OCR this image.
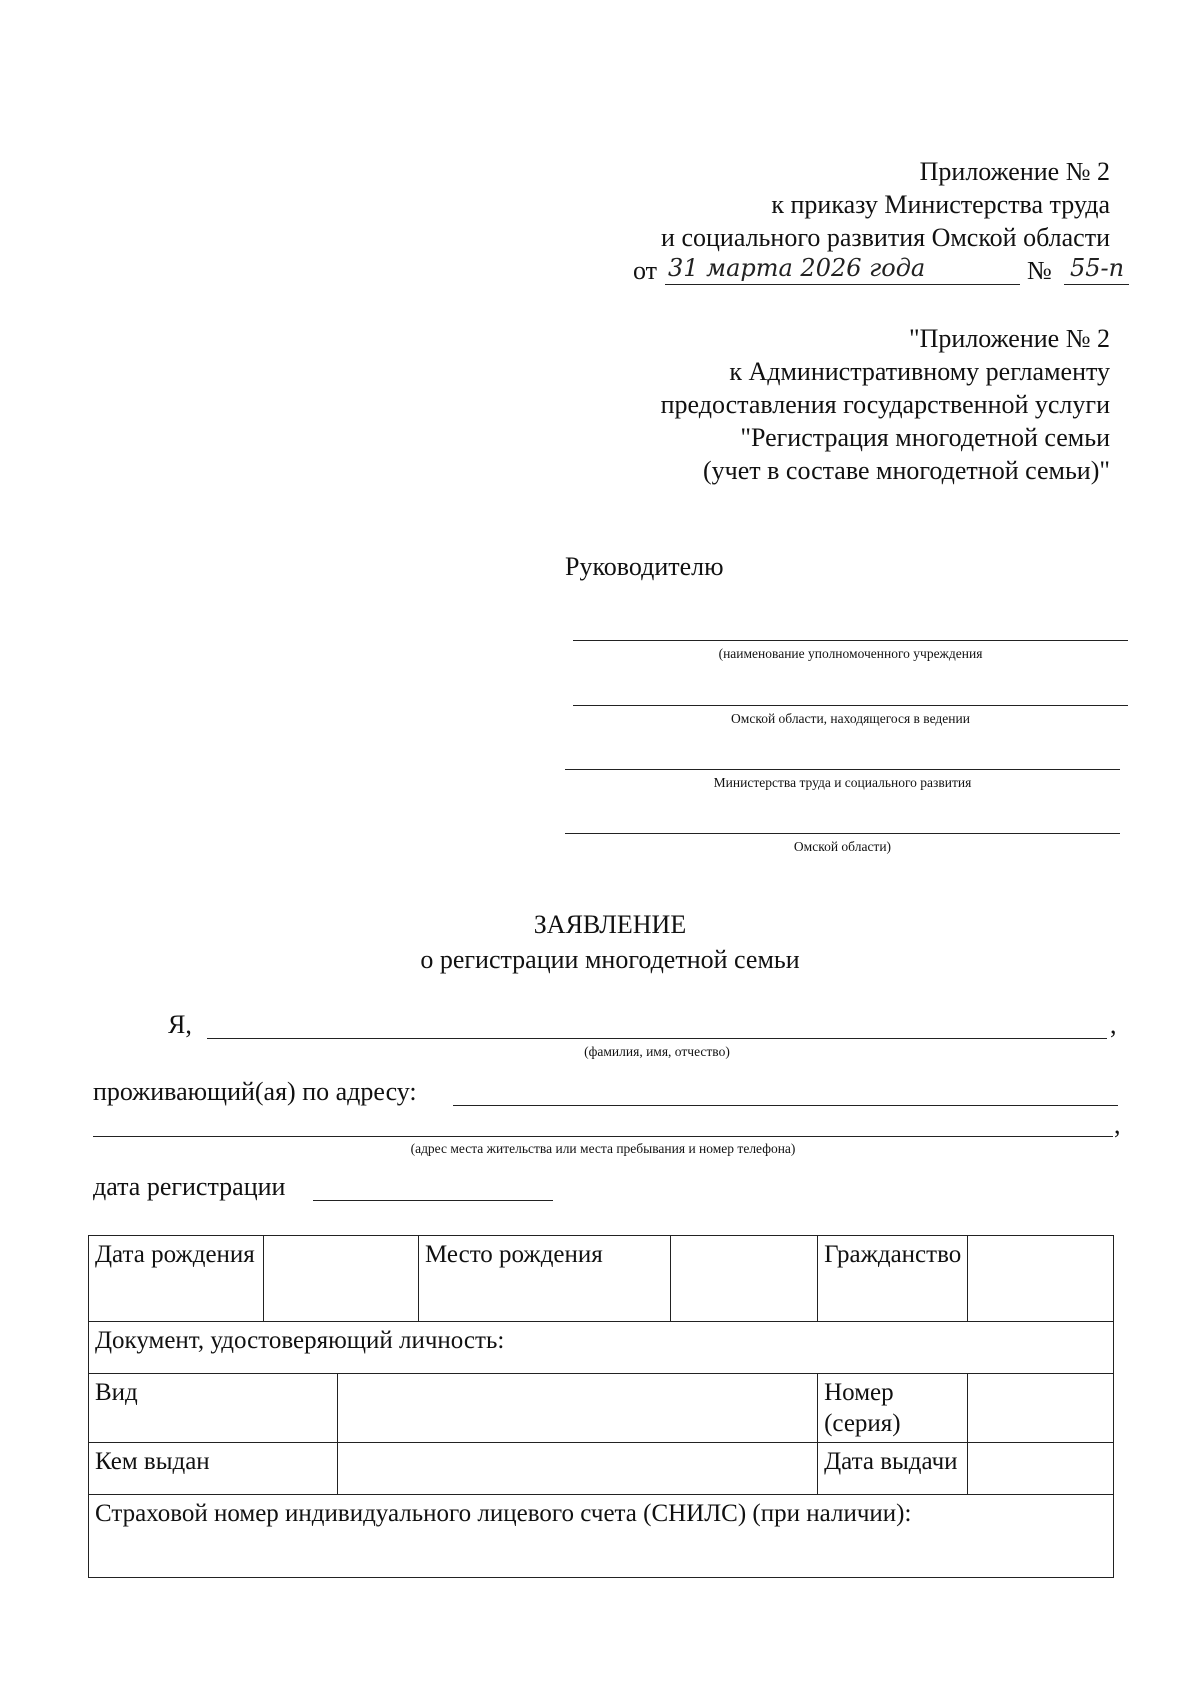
Приложение № 2
к приказу Министерства труда
и социального развития Омской области
от 31 марта 2026 года	№ 55-п
"Приложение № 2
к Административному регламенту
предоставления государственной услуги
"Регистрация многодетной семьи
(учет в составе многодетной семьи)"
Руководителю
(наименование уполномоченного учреждения
Омской области, находящегося в ведении
Министерства труда и социального развития
Омской области)
ЗАЯВЛЕНИЕ
о регистрации многодетной семьи
Я,	,
(фамилия, имя, отчество)
проживающий(ая) по адресу:
,
(адрес места жительства или места пребывания и номер телефона)
дата регистрации
Дата рождения			Место рождения		Гражданство	
Документ, удостоверяющий личность:						
Вид					Номер (серия)	
Кем выдан					Дата выдачи	
Страховой номер индивидуального лицевого счета (СНИЛС) (при наличии):						
